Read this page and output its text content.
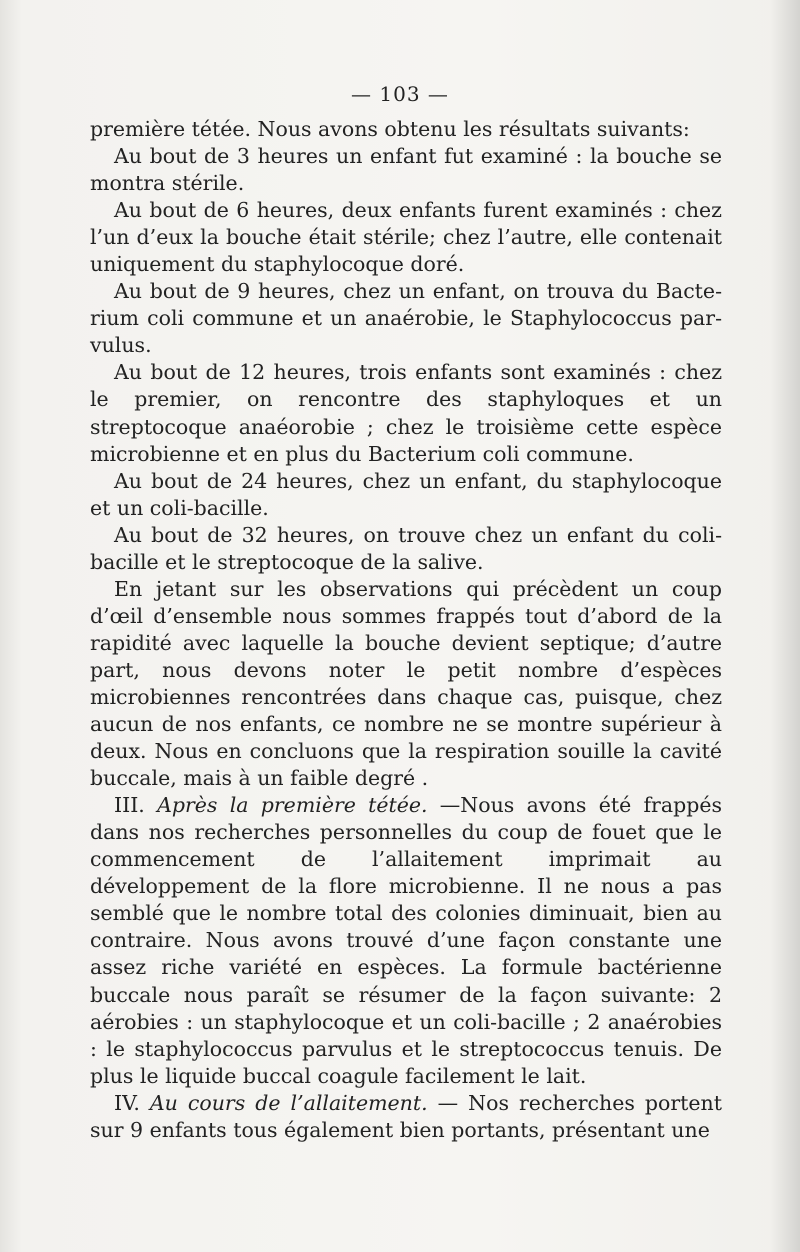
— 103 —

première tétée. Nous avons obtenu les résultats suivants:

Au bout de 3 heures un enfant fut examiné : la bouche se montra stérile.

Au bout de 6 heures, deux enfants furent examinés : chez l’un d’eux la bouche était stérile; chez l’autre, elle contenait uniquement du staphylocoque doré.

Au bout de 9 heures, chez un enfant, on trouva du Bacterium coli commune et un anaérobie, le Staphylococcus parvulus.

Au bout de 12 heures, trois enfants sont examinés : chez le premier, on rencontre des staphyloques et un streptocoque anaéorobie ; chez le troisième cette espèce microbienne et en plus du Bacterium coli commune.

Au bout de 24 heures, chez un enfant, du staphylocoque et un coli-bacille.

Au bout de 32 heures, on trouve chez un enfant du colibacille et le streptocoque de la salive.

En jetant sur les observations qui précèdent un coup d’œil d’ensemble nous sommes frappés tout d’abord de la rapidité avec laquelle la bouche devient septique; d’autre part, nous devons noter le petit nombre d’espèces microbiennes rencontrées dans chaque cas, puisque, chez aucun de nos enfants, ce nombre ne se montre supérieur à deux. Nous en concluons que la respiration souille la cavité buccale, mais à un faible degré .

III. Après la première tétée. —Nous avons été frappés dans nos recherches personnelles du coup de fouet que le commencement de l’allaitement imprimait au développement de la flore microbienne. Il ne nous a pas semblé que le nombre total des colonies diminuait, bien au contraire. Nous avons trouvé d’une façon constante une assez riche variété en espèces. La formule bactérienne buccale nous paraît se résumer de la façon suivante: 2 aérobies : un staphylocoque et un coli-bacille ; 2 anaérobies : le staphylococcus parvulus et le streptococcus tenuis. De plus le liquide buccal coagule facilement le lait.

IV. Au cours de l’allaitement. — Nos recherches portent sur 9 enfants tous également bien portants, présentant une
